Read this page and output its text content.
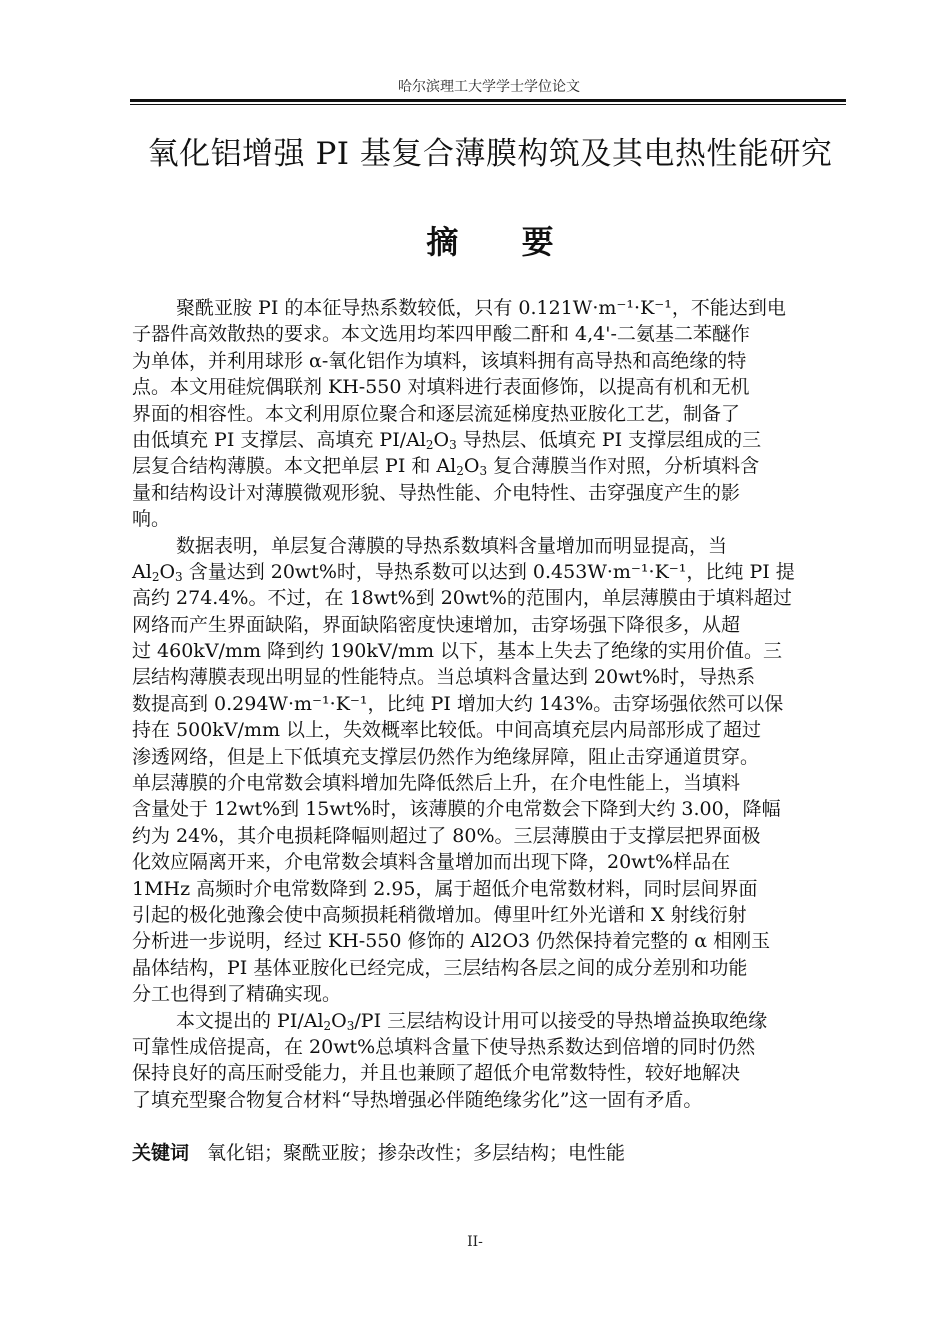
哈尔滨理工大学学士学位论文
氧化铝增强 PI 基复合薄膜构筑及其电热性能研究
摘 要
聚酰亚胺 PI 的本征导热系数较低，只有 0.121W·m⁻¹·K⁻¹，不能达到电
子器件高效散热的要求。本文选用均苯四甲酸二酐和 4,4'-二氨基二苯醚作
为单体，并利用球形 α-氧化铝作为填料，该填料拥有高导热和高绝缘的特
点。本文用硅烷偶联剂 KH-550 对填料进行表面修饰，以提高有机和无机
界面的相容性。本文利用原位聚合和逐层流延梯度热亚胺化工艺，制备了
由低填充 PI 支撑层、高填充 $PI/Al_2O_3$ 导热层、低填充 PI 支撑层组成的三
层复合结构薄膜。本文把单层 PI 和 $Al_2O_3$ 复合薄膜当作对照，分析填料含
量和结构设计对薄膜微观形貌、导热性能、介电特性、击穿强度产生的影
响。
数据表明，单层复合薄膜的导热系数填料含量增加而明显提高，当
$Al_2O_3$ 含量达到 20wt%时，导热系数可以达到 0.453W·m⁻¹·K⁻¹，比纯 PI 提
高约 274.4%。不过，在 18wt%到 20wt%的范围内，单层薄膜由于填料超过
网络而产生界面缺陷，界面缺陷密度快速增加，击穿场强下降很多，从超
过 460kV/mm 降到约 190kV/mm 以下，基本上失去了绝缘的实用价值。三
层结构薄膜表现出明显的性能特点。当总填料含量达到 20wt%时，导热系
数提高到 0.294W·m⁻¹·K⁻¹，比纯 PI 增加大约 143%。击穿场强依然可以保
持在 500kV/mm 以上，失效概率比较低。中间高填充层内局部形成了超过
渗透网络，但是上下低填充支撑层仍然作为绝缘屏障，阻止击穿通道贯穿。
单层薄膜的介电常数会填料增加先降低然后上升，在介电性能上，当填料
含量处于 12wt%到 15wt%时，该薄膜的介电常数会下降到大约 3.00，降幅
约为 24%，其介电损耗降幅则超过了 80%。三层薄膜由于支撑层把界面极
化效应隔离开来，介电常数会填料含量增加而出现下降，20wt%样品在
1MHz 高频时介电常数降到 2.95，属于超低介电常数材料，同时层间界面
引起的极化弛豫会使中高频损耗稍微增加。傅里叶红外光谱和 X 射线衍射
分析进一步说明，经过 KH-550 修饰的 Al2O3 仍然保持着完整的 α 相刚玉
晶体结构，PI 基体亚胺化已经完成，三层结构各层之间的成分差别和功能
分工也得到了精确实现。
本文提出的 $PI/Al_2O_3/PI$ 三层结构设计用可以接受的导热增益换取绝缘
可靠性成倍提高，在 20wt%总填料含量下使导热系数达到倍增的同时仍然
保持良好的高压耐受能力，并且也兼顾了超低介电常数特性，较好地解决
了填充型聚合物复合材料“导热增强必伴随绝缘劣化”这一固有矛盾。
关键词 氧化铝；聚酰亚胺；掺杂改性；多层结构；电性能
II-
